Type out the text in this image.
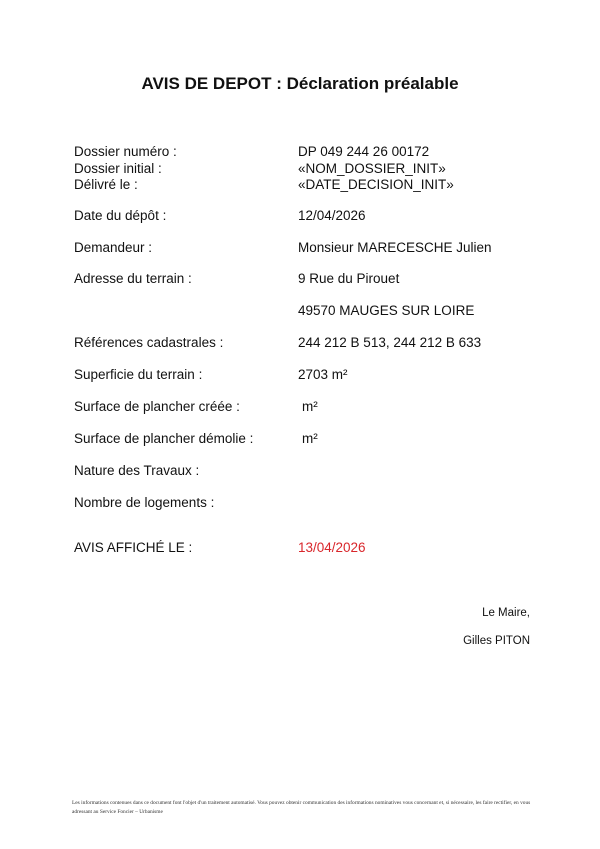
AVIS DE DEPOT : Déclaration préalable
Dossier numéro :	DP 049 244 26 00172
Dossier initial :	«NOM_DOSSIER_INIT»
Délivré le :	«DATE_DECISION_INIT»
Date du dépôt :	12/04/2026
Demandeur :	Monsieur MARECESCHE Julien
Adresse du terrain :	9 Rue du Pirouet
49570 MAUGES SUR LOIRE
Références cadastrales :	244 212 B 513, 244 212 B 633
Superficie du terrain :	2703 m²
Surface de plancher créée :	m²
Surface de plancher démolie :	m²
Nature des Travaux :
Nombre de logements :
AVIS AFFICHÉ LE :	13/04/2026
Le Maire,
Gilles PITON
Les informations contenues dans ce document font l'objet d'un traitement automatisé. Vous pouvez obtenir communication des informations nominatives vous concernant et, si nécessaire, les faire rectifier, en vous adressant au Service Foncier – Urbanisme
